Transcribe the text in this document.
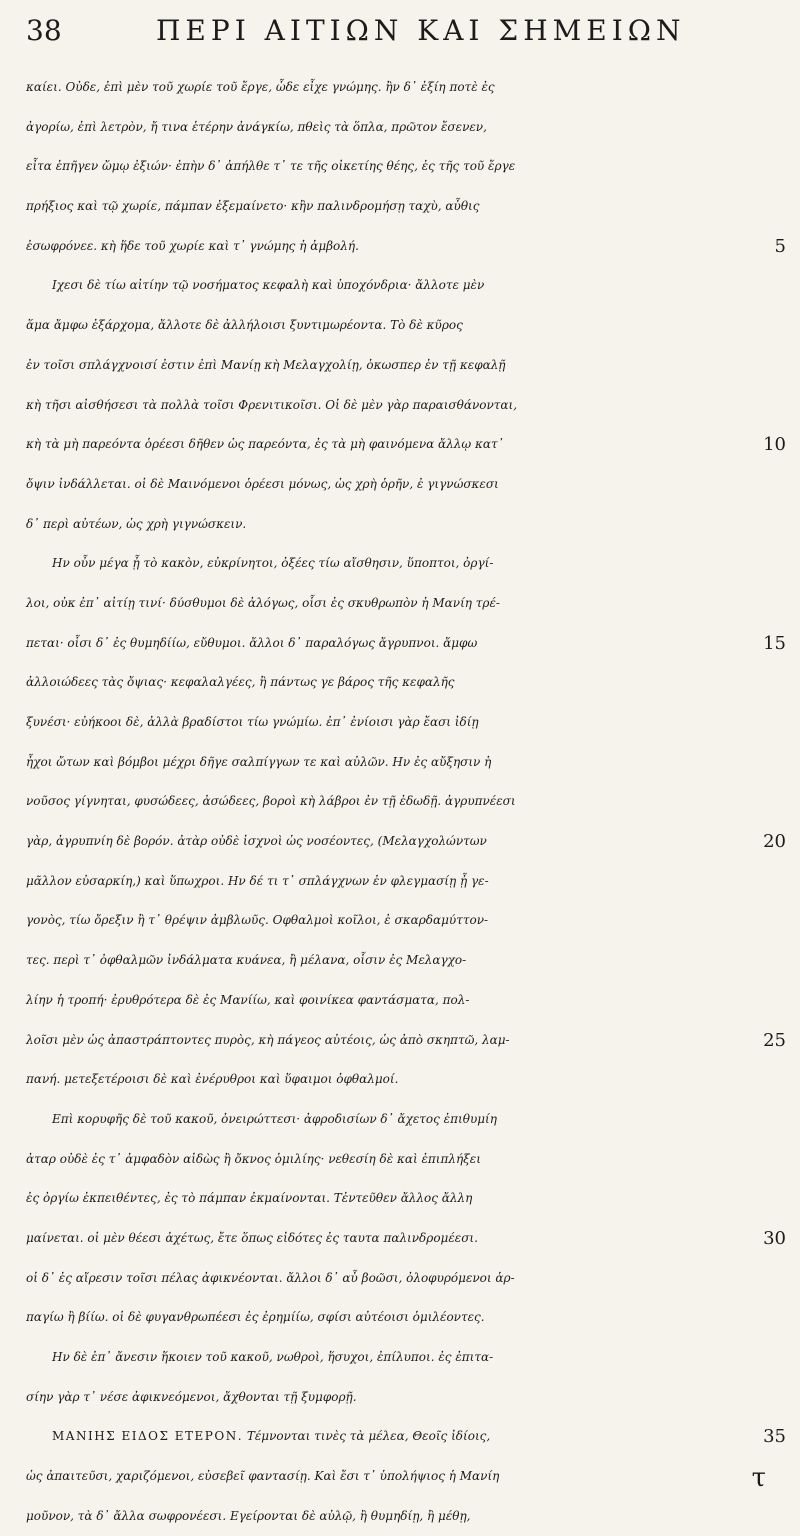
38	ΠΕΡΙ ΑΙΤΙΩΝ ΚΑΙ ΣΗΜΕΙΩΝ
καίει. Οὐδε, ἐπὶ μὲν τοῦ χωρίε τοῦ ἔργε, ὧδε εἶχε γνώμης. ἢν δ᾽ ἐξίη ποτὲ ἐς
ἀγορίω, ἐπὶ λετρὸν, ἤ τινα ἑτέρην ἀνάγκίω, πθεὶς τὰ ὅπλα, πρῶτον ἔσενεν,
εἶτα ἐπῆγεν ὤμῳ ἐξιών· ἐπὴν δ᾽ ἀπήλθε τ᾽ τε τῆς οἰκετίης θέης, ἐς τῆς τοῦ ἔργε
πρήξιος καὶ τῷ χωρίε, πάμπαν ἐξεμαίνετο· κἢν παλινδρομήσῃ ταχὺ, αὖθις
ἐσωφρόνεε. κὴ ἥδε τοῦ χωρίε καὶ τ᾽ γνώμης ἡ ἀμβολή.	5
Ιχεσι δὲ τίω αἰτίην τῷ νοσήματος κεφαλὴ καὶ ὑποχόνδρια· ἄλλοτε μὲν
ἅμα ἄμφω ἐξάρχομα, ἄλλοτε δὲ ἀλλήλοισι ξυντιμωρέοντα. Τὸ δὲ κῦρος
ἐν τοῖσι σπλάγχνοισί ἐστιν ἐπὶ Μανίῃ κὴ Μελαγχολίῃ, ὁκωσπερ ἐν τῇ κεφαλῇ
κὴ τῆσι αἰσθήσεσι τὰ πολλὰ τοῖσι Φρενιτικοῖσι. Οἱ δὲ μὲν γὰρ παραισθάνονται,
κὴ τὰ μὴ παρεόντα ὁρέεσι δῆθεν ὡς παρεόντα, ἐς τὰ μὴ φαινόμενα ἄλλῳ κατ᾽	10
ὄψιν ἰνδάλλεται. οἱ δὲ Μαινόμενοι ὁρέεσι μόνως, ὡς χρὴ ὁρῆν, ἐ γιγνώσκεσι
δ᾽ περὶ αὐτέων, ὡς χρὴ γιγνώσκειν.
Ην οὖν μέγα ᾖ τὸ κακὸν, εὐκρίνητοι, ὀξέες τίω αἴσθησιν, ὕποπτοι, ὀργί-
λοι, οὐκ ἐπ᾽ αἰτίῃ τινί· δύσθυμοι δὲ ἀλόγως, οἷσι ἐς σκυθρωπὸν ἡ Μανίη τρέ-
πεται· οἷσι δ᾽ ἐς θυμηδίίω, εὔθυμοι. ἄλλοι δ᾽ παραλόγως ἄγρυπνοι. ἄμφω	15
ἀλλοιώδεες τὰς ὄψιας· κεφαλαλγέες, ἢ πάντως γε βάρος τῆς κεφαλῆς
ξυνέσι· εὐήκοοι δὲ, ἀλλὰ βραδίστοι τίω γνώμίω. ἐπ᾽ ἐνίοισι γὰρ ἔασι ἰδίῃ
ἦχοι ὤτων καὶ βόμβοι μέχρι δῆγε σαλπίγγων τε καὶ αὐλῶν. Ην ἐς αὔξησιν ἡ
νοῦσος γίγνηται, φυσώδεες, ἀσώδεες, βοροὶ κὴ λάβροι ἐν τῇ ἐδωδῇ. ἀγρυπνέεσι
γὰρ, ἀγρυπνίη δὲ βορόν. ἀτὰρ οὐδὲ ἰσχνοὶ ὡς νοσέοντες, (Μελαγχολώντων	20
μᾶλλον εὐσαρκίη,) καὶ ὕπωχροι. Ην δέ τι τ᾽ σπλάγχνων ἐν φλεγμασίῃ ᾖ γε-
γονὸς, τίω ὄρεξιν ἢ τ᾽ θρέψιν ἀμβλωῦς. Οφθαλμοὶ κοῖλοι, ἐ σκαρδαμύττον-
τες. περὶ τ᾽ ὀφθαλμῶν ἰνδάλματα κυάνεα, ἢ μέλανα, οἷσιν ἐς Μελαγχο-
λίην ἡ τροπή· ἐρυθρότερα δὲ ἐς Μανίίω, καὶ φοινίκεα φαντάσματα, πολ-
λοῖσι μὲν ὡς ἀπαστράπτοντες πυρὸς, κὴ πάγεος αὐτέοις, ὡς ἀπὸ σκηπτῶ, λαμ-	25
πανή. μετεξετέροισι δὲ καὶ ἐνέρυθροι καὶ ὕφαιμοι ὀφθαλμοί.
Επὶ κορυφῆς δὲ τοῦ κακοῦ, ὀνειρώττεσι· ἀφροδισίων δ᾽ ἄχετος ἐπιθυμίη
ἀταρ οὐδὲ ἐς τ᾽ ἀμφαδὸν αἰδὼς ἢ ὄκνος ὁμιλίης· νεθεσίη δὲ καὶ ἐπιπλήξει
ἐς ὀργίω ἐκπειθέντες, ἐς τὸ πάμπαν ἐκμαίνονται. Τἐντεῦθεν ἄλλος ἄλλη
μαίνεται. οἱ μὲν θέεσι ἀχέτως, ἔτε ὅπως εἰδότες ἐς ταυτα παλινδρομέεσι.	30
οἱ δ᾽ ἐς αἴρεσιν τοῖσι πέλας ἀφικνέονται. ἄλλοι δ᾽ αὖ βοῶσι, ὀλοφυρόμενοι ἁρ-
παγίω ἢ βίίω. οἱ δὲ φυγανθρωπέεσι ἐς ἐρημίίω, σφίσι αὐτέοισι ὁμιλέοντες.
Ην δὲ ἐπ᾽ ἄνεσιν ἥκοιεν τοῦ κακοῦ, νωθροὶ, ἥσυχοι, ἐπίλυποι. ἐς ἐπιτα-
σίην γὰρ τ᾽ νέσε ἀφικνεόμενοι, ἄχθονται τῇ ξυμφορῇ.
ΜΑΝΙΗΣ ΕΙΔΟΣ ΕΤΕΡΟΝ. Τέμνονται τινὲς τὰ μέλεα, Θεοῖς ἰδίοις,	35
ὡς ἀπαιτεῦσι, χαριζόμενοι, εὐσεβεῖ φαντασίῃ. Καὶ ἔσι τ᾽ ὑπολήψιος ἡ Μανίη
μοῦνον, τὰ δ᾽ ἄλλα σωφρονέεσι. Εγείρονται δὲ αὐλῷ, ἢ θυμηδίῃ, ἢ μέθῃ,
τ
